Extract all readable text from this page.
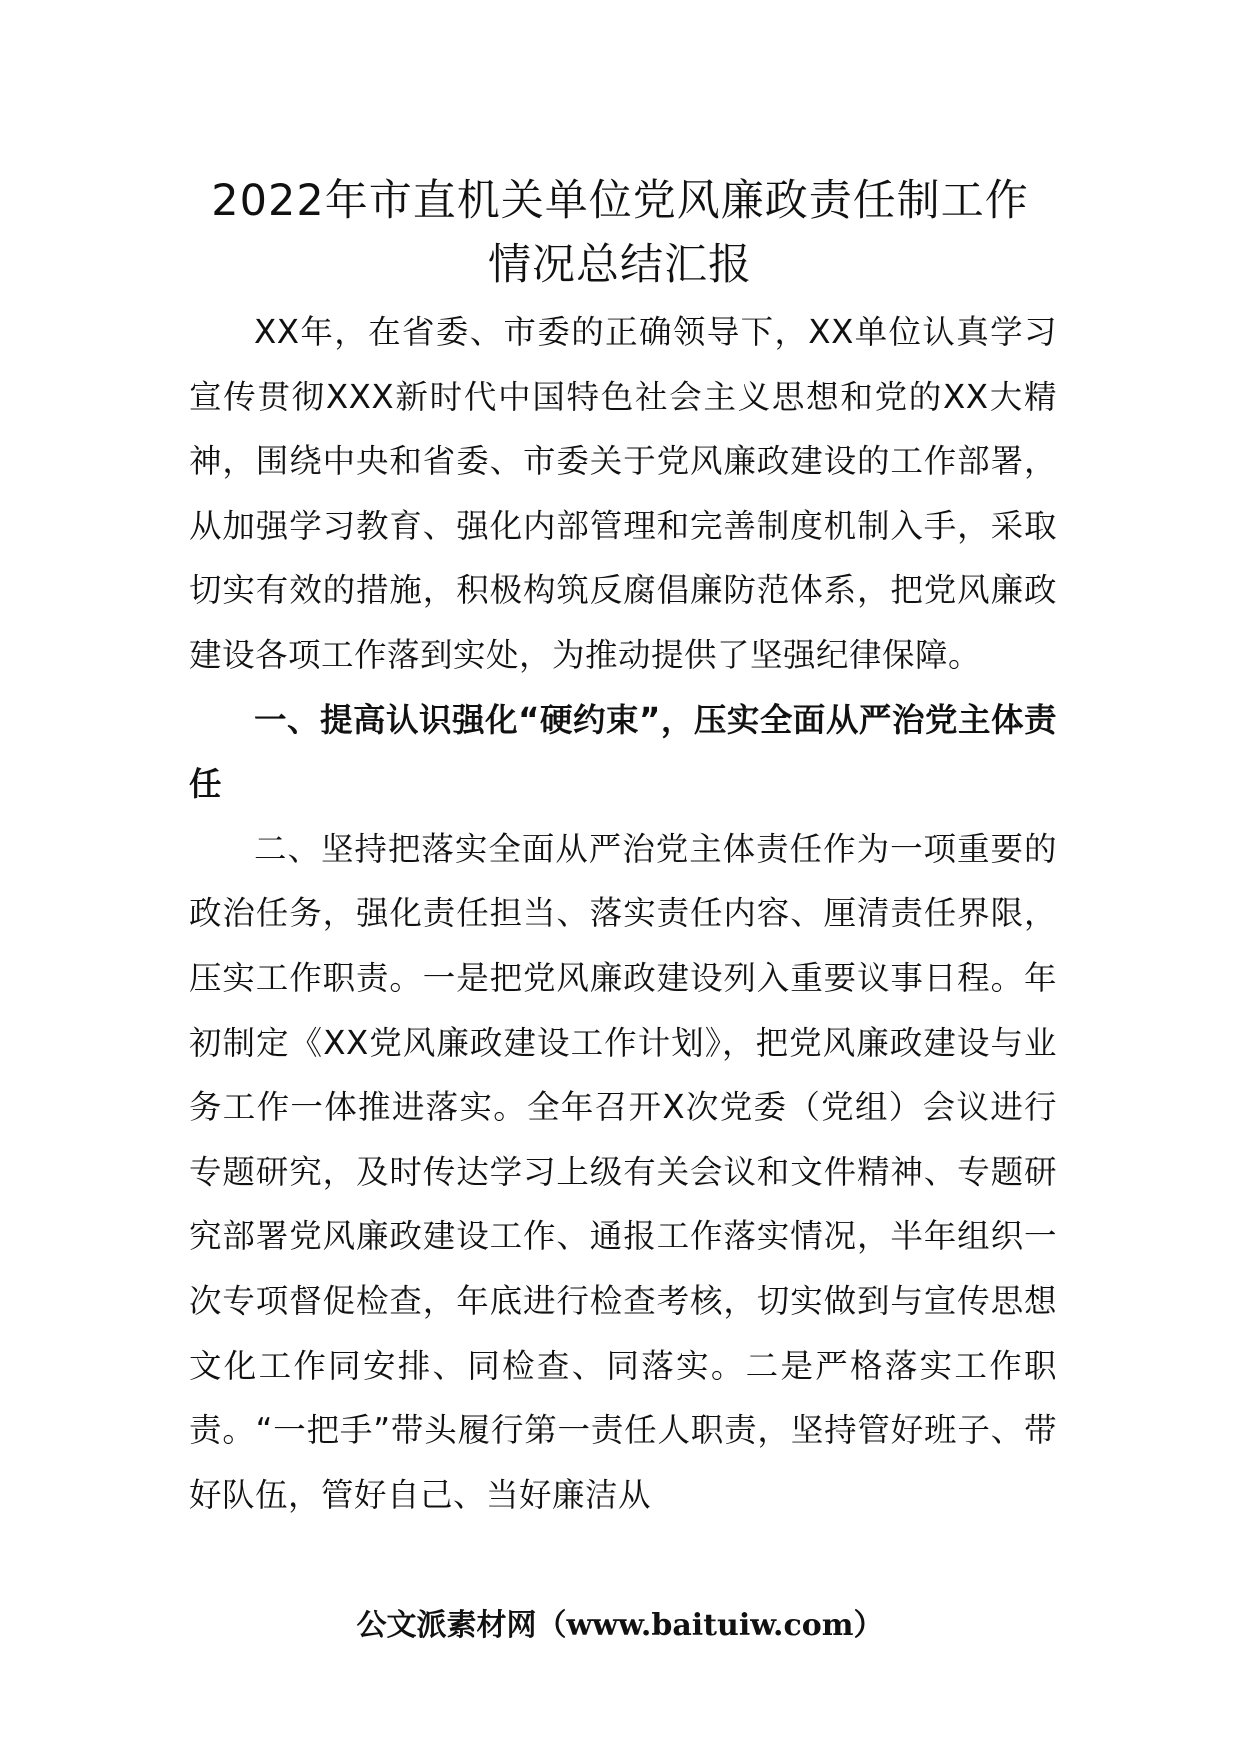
2022年市直机关单位党风廉政责任制工作
情况总结汇报

XX年，在省委、市委的正确领导下，XX单位认真学习宣传贯彻XXX新时代中国特色社会主义思想和党的XX大精神，围绕中央和省委、市委关于党风廉政建设的工作部署，从加强学习教育、强化内部管理和完善制度机制入手，采取切实有效的措施，积极构筑反腐倡廉防范体系，把党风廉政建设各项工作落到实处，为推动提供了坚强纪律保障。

一、提高认识强化“硬约束”，压实全面从严治党主体责任

二、坚持把落实全面从严治党主体责任作为一项重要的政治任务，强化责任担当、落实责任内容、厘清责任界限，压实工作职责。一是把党风廉政建设列入重要议事日程。年初制定《XX党风廉政建设工作计划》，把党风廉政建设与业务工作一体推进落实。全年召开X次党委（党组）会议进行专题研究，及时传达学习上级有关会议和文件精神、专题研究部署党风廉政建设工作、通报工作落实情况，半年组织一次专项督促检查，年底进行检查考核，切实做到与宣传思想文化工作同安排、同检查、同落实。二是严格落实工作职责。“一把手”带头履行第一责任人职责，坚持管好班子、带好队伍，管好自己、当好廉洁从

公文派素材网（www.baituiw.com）
